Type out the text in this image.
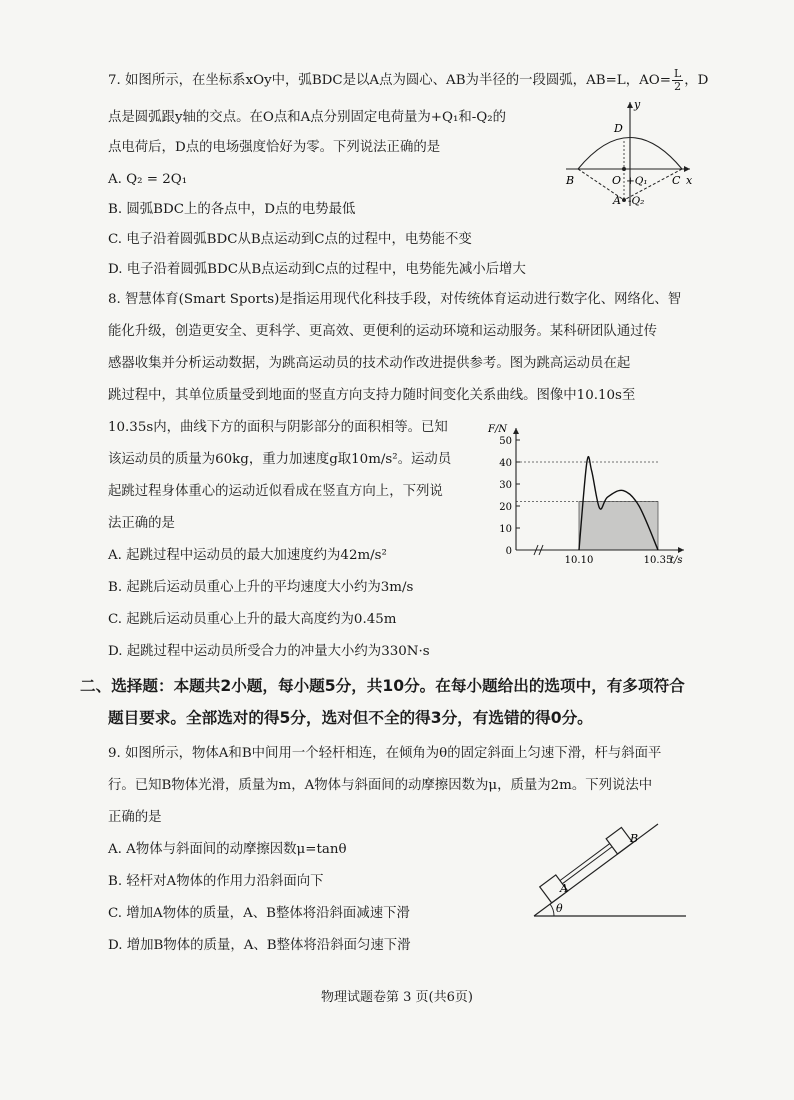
7. 如图所示，在坐标系xOy中，弧BDC是以A点为圆心、AB为半径的一段圆弧，AB=L，$AO= \frac{L}{2}$ ，D
点是圆弧跟y轴的交点。在O点和A点分别固定电荷量为+Q₁和-Q₂的
点电荷后，D点的电场强度恰好为零。下列说法正确的是
A. Q₂ = 2Q₁
B. 圆弧BDC上的各点中，D点的电势最低
C. 电子沿着圆弧BDC从B点运动到C点的过程中，电势能不变
D. 电子沿着圆弧BDC从B点运动到C点的过程中，电势能先减小后增大
y
D
B	O +Q₁ C x
A -Q₂
8. 智慧体育(Smart Sports)是指运用现代化科技手段，对传统体育运动进行数字化、网络化、智
能化升级，创造更安全、更科学、更高效、更便利的运动环境和运动服务。某科研团队通过传
感器收集并分析运动数据，为跳高运动员的技术动作改进提供参考。图为跳高运动员在起
跳过程中，其单位质量受到地面的竖直方向支持力随时间变化关系曲线。图像中10.10s至
10.35s内，曲线下方的面积与阴影部分的面积相等。已知
该运动员的质量为60kg，重力加速度g取10m/s²。运动员
起跳过程身体重心的运动近似看成在竖直方向上，下列说
法正确的是
A. 起跳过程中运动员的最大加速度约为42m/s²
B. 起跳后运动员重心上升的平均速度大小约为3m/s
C. 起跳后运动员重心上升的最大高度约为0.45m
D. 起跳过程中运动员所受合力的冲量大小约为330N·s
0
10
20
30
40
50
10.10	10.35
F/N
t/s
二、选择题：本题共2小题，每小题5分，共10分。在每小题给出的选项中，有多项符合
题目要求。全部选对的得5分，选对但不全的得3分，有选错的得0分。
9. 如图所示，物体A和B中间用一个轻杆相连，在倾角为θ的固定斜面上匀速下滑，杆与斜面平
行。已知B物体光滑，质量为m，A物体与斜面间的动摩擦因数为μ，质量为2m。下列说法中
正确的是
A. A物体与斜面间的动摩擦因数μ=tanθ
B. 轻杆对A物体的作用力沿斜面向下
C. 增加A物体的质量，A、B整体将沿斜面减速下滑
D. 增加B物体的质量，A、B整体将沿斜面匀速下滑
θ
A
B
物理试题卷第 3 页(共6页)
